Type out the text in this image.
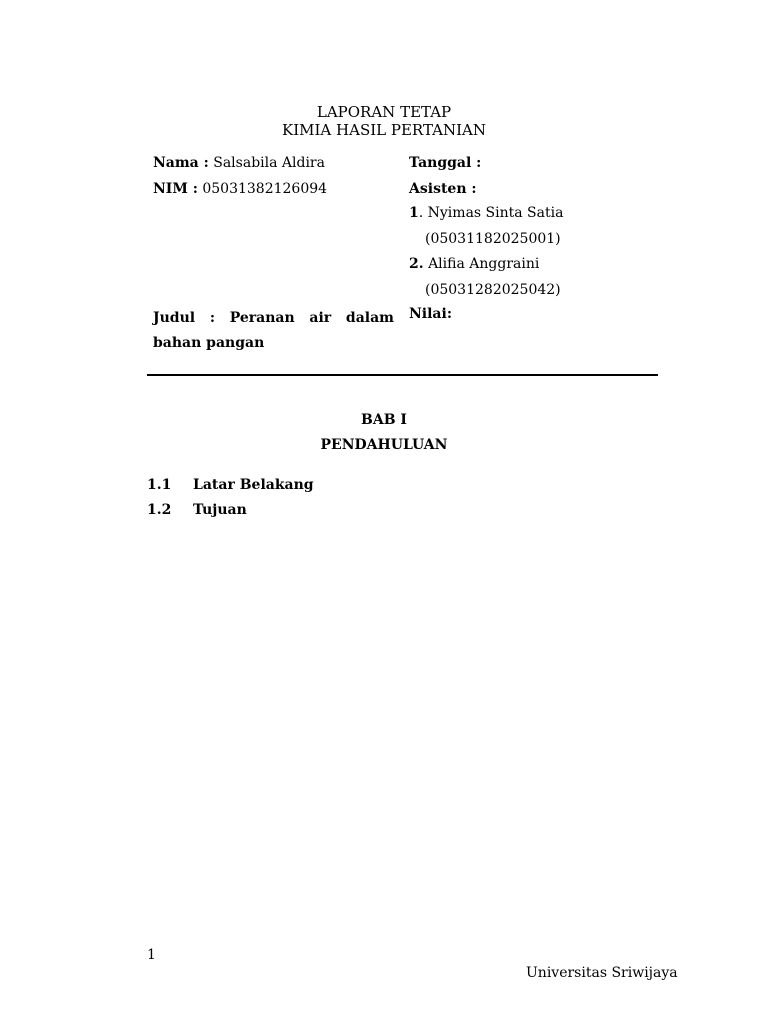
LAPORAN TETAP
KIMIA HASIL PERTANIAN
Nama : Salsabila Aldira
NIM : 05031382126094
Tanggal :
Asisten :
1. Nyimas Sinta Satia
(05031182025001)
2. Alifia Anggraini
(05031282025042)
Judul : Peranan air dalam bahan pangan
Nilai:
BAB I
PENDAHULUAN
1.1 Latar Belakang
1.2 Tujuan
1
Universitas Sriwijaya
